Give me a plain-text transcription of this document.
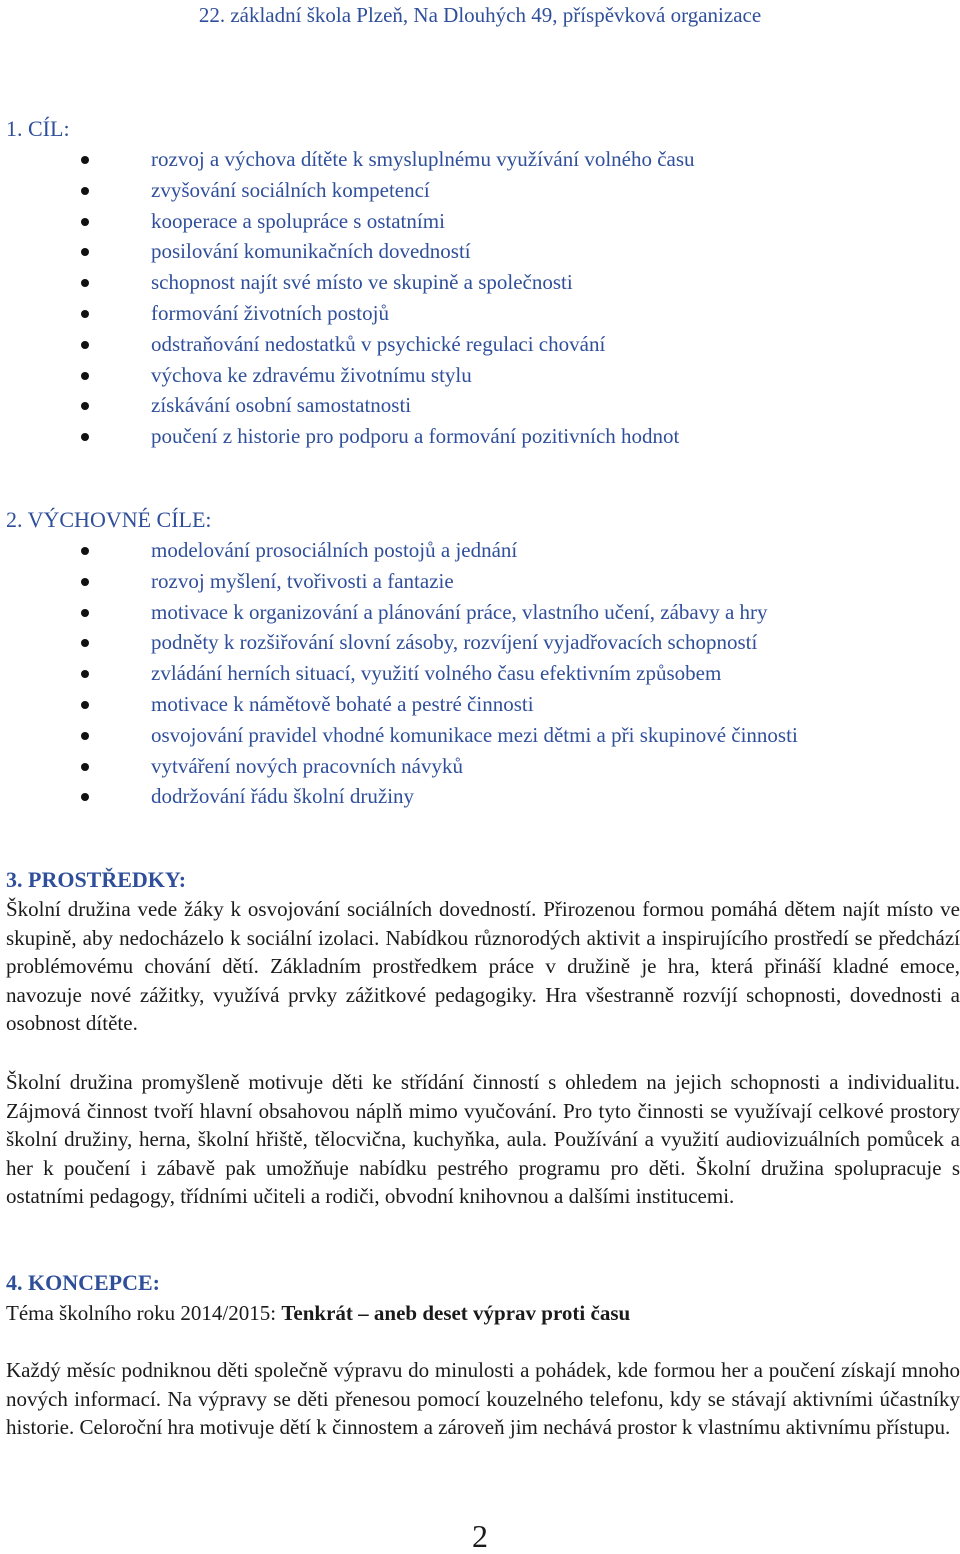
22. základní škola Plzeň, Na Dlouhých 49, příspěvková organizace
1. CÍL:
rozvoj a výchova dítěte k smysluplnému využívání volného času
zvyšování sociálních kompetencí
kooperace a spolupráce s ostatními
posilování komunikačních dovedností
schopnost najít své místo ve skupině a společnosti
formování životních postojů
odstraňování nedostatků v psychické regulaci chování
výchova ke zdravému životnímu stylu
získávání osobní samostatnosti
poučení z historie pro podporu a formování pozitivních hodnot
2. VÝCHOVNÉ CÍLE:
modelování prosociálních postojů a jednání
rozvoj myšlení, tvořivosti a fantazie
motivace k organizování a plánování práce, vlastního učení, zábavy a hry
podněty k rozšiřování slovní zásoby, rozvíjení vyjadřovacích schopností
zvládání herních situací, využití volného času efektivním způsobem
motivace k námětově bohaté a pestré činnosti
osvojování pravidel vhodné komunikace mezi dětmi a při skupinové činnosti
vytváření nových pracovních návyků
dodržování řádu školní družiny
3. PROSTŘEDKY:
Školní družina vede žáky k osvojování sociálních dovedností. Přirozenou formou pomáhá dětem najít místo ve skupině, aby nedocházelo k sociální izolaci. Nabídkou různorodých aktivit a inspirujícího prostředí se předchází problémovému chování dětí. Základním prostředkem práce v družině je hra, která přináší kladné emoce, navozuje nové zážitky, využívá prvky zážitkové pedagogiky. Hra všestranně rozvíjí schopnosti, dovednosti a osobnost dítěte.
Školní družina promyšleně motivuje děti ke střídání činností s ohledem na jejich schopnosti a individualitu. Zájmová činnost tvoří hlavní obsahovou náplň mimo vyučování. Pro tyto činnosti se využívají celkové prostory školní družiny, herna, školní hřiště, tělocvična, kuchyňka, aula. Používání a využití audiovizuálních pomůcek a her k poučení i zábavě pak umožňuje nabídku pestrého programu pro děti. Školní družina spolupracuje s ostatními pedagogy, třídními učiteli a rodiči, obvodní knihovnou a dalšími institucemi.
4. KONCEPCE:
Téma školního roku 2014/2015: Tenkrát – aneb deset výprav proti času
Každý měsíc podniknou děti společně výpravu do minulosti a pohádek, kde formou her a poučení získají mnoho nových informací. Na výpravy se děti přenesou pomocí kouzelného telefonu, kdy se stávají aktivními účastníky historie. Celoroční hra motivuje dětí k činnostem a zároveň jim nechává prostor k vlastnímu aktivnímu přístupu.
2
